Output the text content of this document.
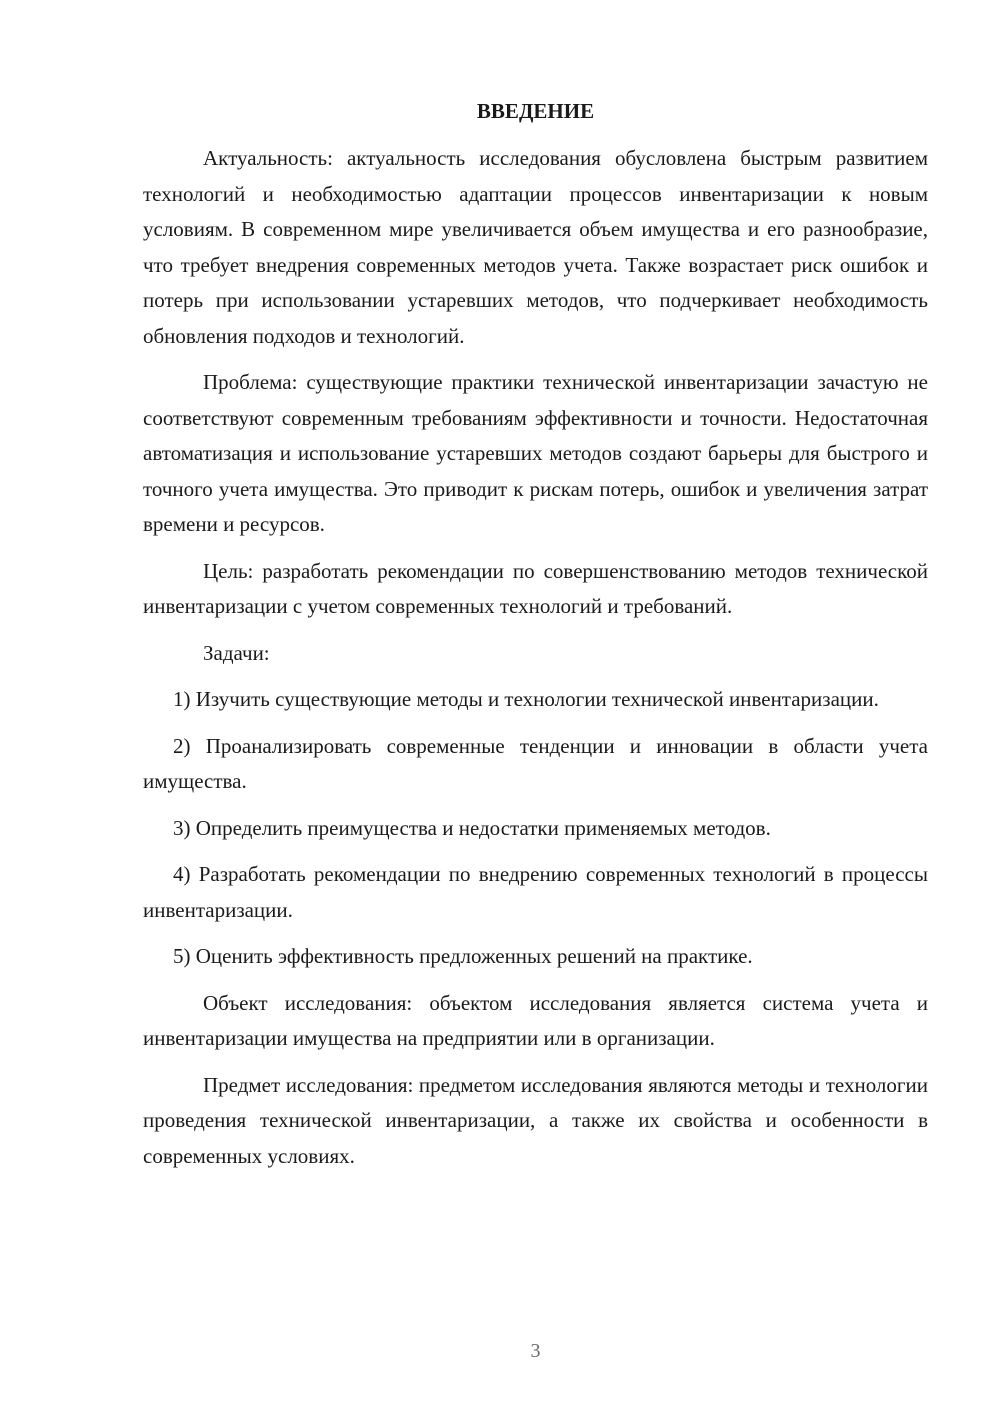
ВВЕДЕНИЕ

Актуальность: актуальность исследования обусловлена быстрым развитием технологий и необходимостью адаптации процессов инвентаризации к новым условиям. В современном мире увеличивается объем имущества и его разнообразие, что требует внедрения современных методов учета. Также возрастает риск ошибок и потерь при использовании устаревших методов, что подчеркивает необходимость обновления подходов и технологий.

Проблема: существующие практики технической инвентаризации зачастую не соответствуют современным требованиям эффективности и точности. Недостаточная автоматизация и использование устаревших методов создают барьеры для быстрого и точного учета имущества. Это приводит к рискам потерь, ошибок и увеличения затрат времени и ресурсов.

Цель: разработать рекомендации по совершенствованию методов технической инвентаризации с учетом современных технологий и требований.

Задачи:

1) Изучить существующие методы и технологии технической инвентаризации.

2) Проанализировать современные тенденции и инновации в области учета имущества.

3) Определить преимущества и недостатки применяемых методов.

4) Разработать рекомендации по внедрению современных технологий в процессы инвентаризации.

5) Оценить эффективность предложенных решений на практике.

Объект исследования: объектом исследования является система учета и инвентаризации имущества на предприятии или в организации.

Предмет исследования: предметом исследования являются методы и технологии проведения технической инвентаризации, а также их свойства и особенности в современных условиях.

3
